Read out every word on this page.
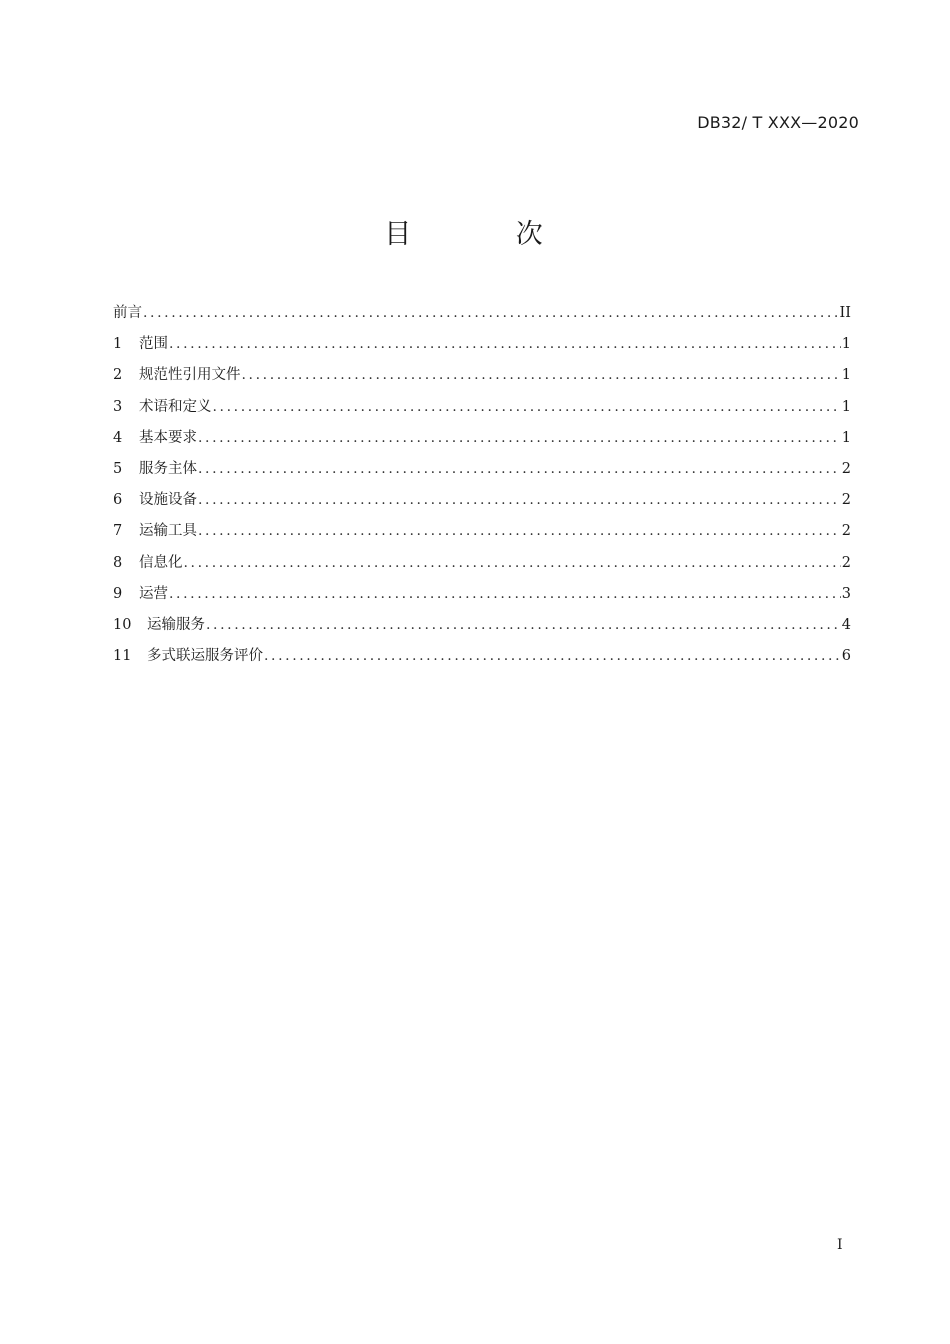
DB32/ T XXX—2020
目 次
前言 .....	II
1	范围 .....	1
2	规范性引用文件 .....	1
3	术语和定义 .....	1
4	基本要求 .....	1
5	服务主体 .....	2
6	设施设备 .....	2
7	运输工具 .....	2
8	信息化 .....	2
9	运营 .....	3
10	运输服务 .....	4
11	多式联运服务评价 .....	6
I
